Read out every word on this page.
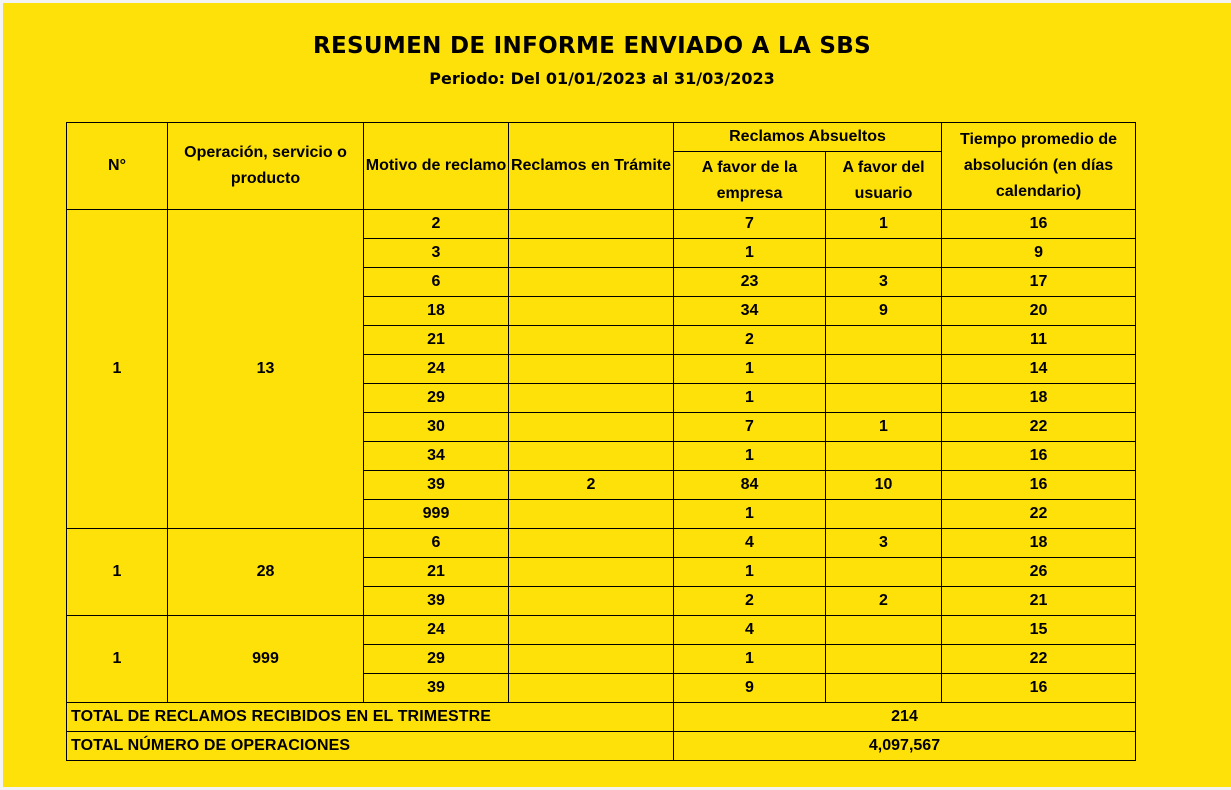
RESUMEN DE INFORME ENVIADO A LA SBS
Periodo: Del 01/01/2023 al 31/03/2023
N°	Operación, servicio o producto	Motivo de reclamo	Reclamos en Trámite	Reclamos Absueltos		Tiempo promedio de absolución (en días calendario)
				A favor de la empresa	A favor del usuario	
1	13	2		7	1	16
		3		1		9
		6		23	3	17
		18		34	9	20
		21		2		11
		24		1		14
		29		1		18
		30		7	1	22
		34		1		16
		39	2	84	10	16
		999		1		22
1	28	6		4	3	18
		21		1		26
		39		2	2	21
1	999	24		4		15
		29		1		22
		39		9		16
TOTAL DE RECLAMOS RECIBIDOS EN EL TRIMESTRE				214		
TOTAL NÚMERO DE OPERACIONES				4,097,567		
